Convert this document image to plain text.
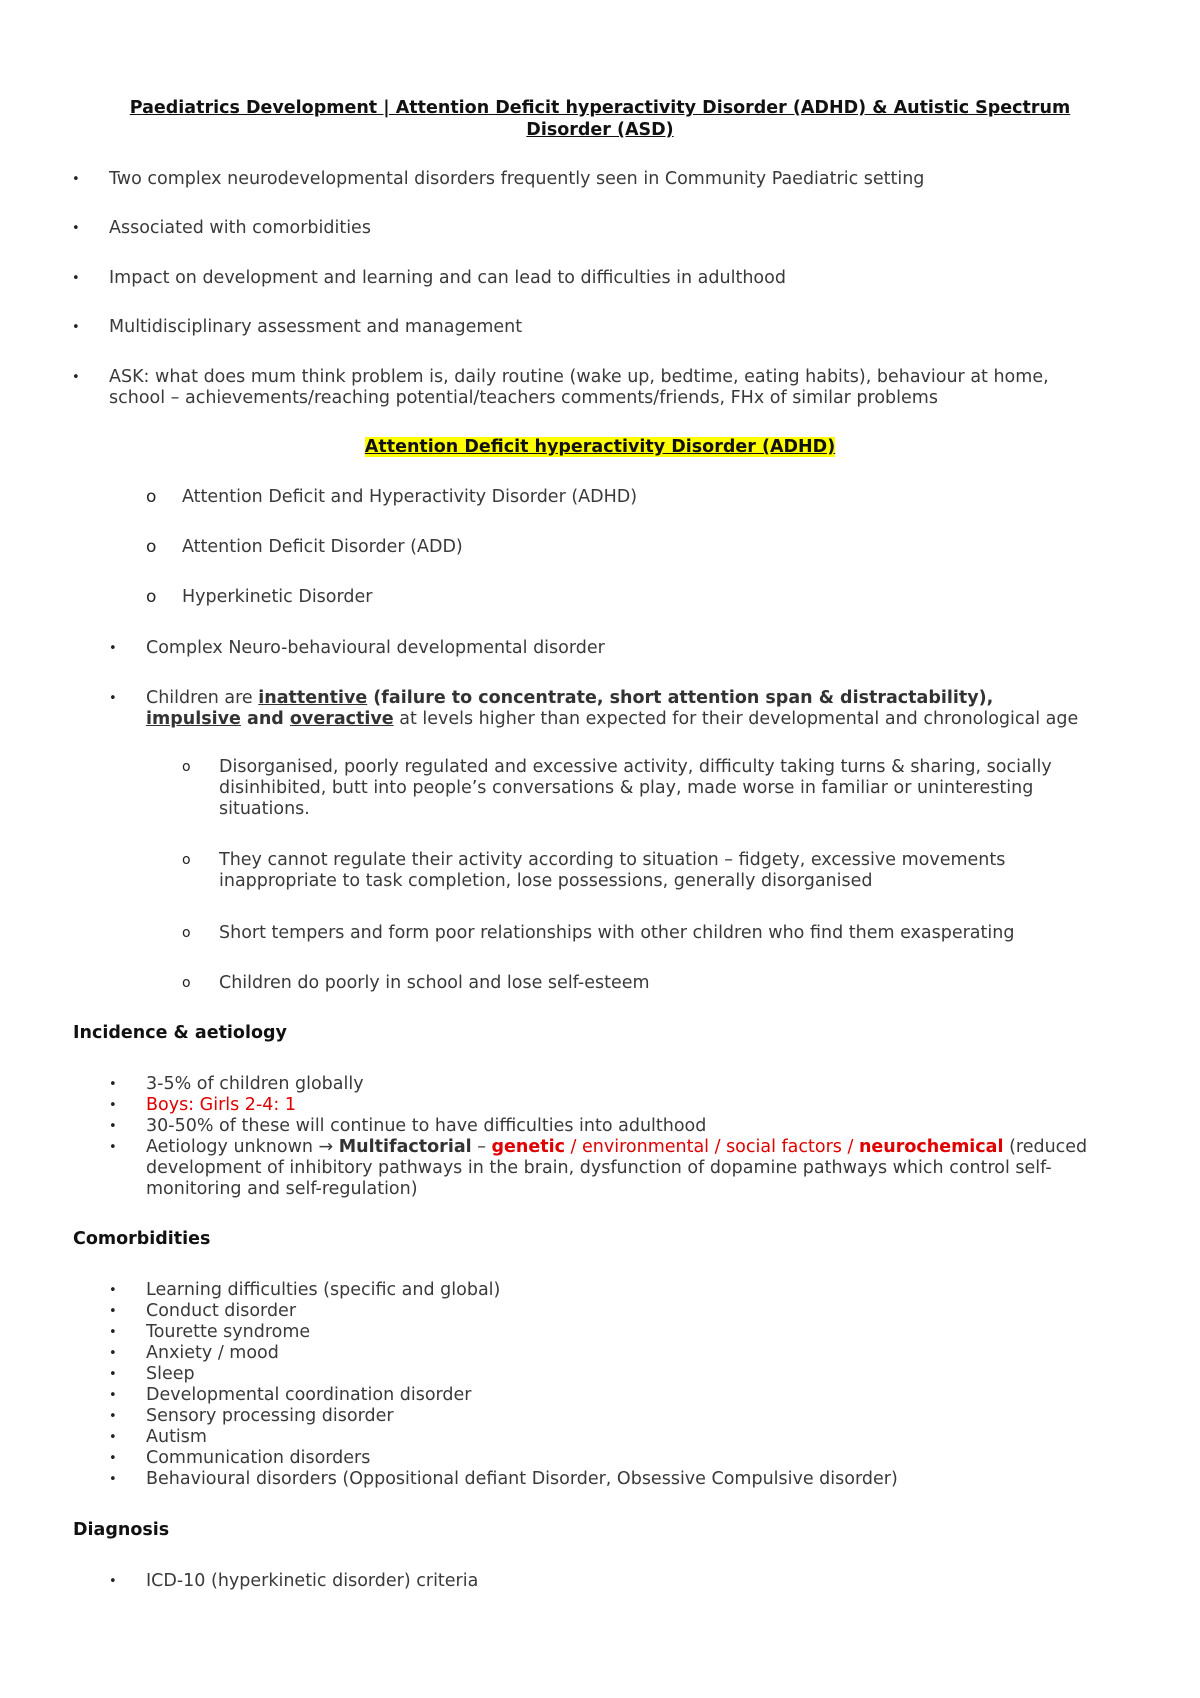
Paediatrics Development | Attention Deficit hyperactivity Disorder (ADHD) & Autistic Spectrum
Disorder (ASD)
• Two complex neurodevelopmental disorders frequently seen in Community Paediatric setting
• Associated with comorbidities
• Impact on development and learning and can lead to difficulties in adulthood
• Multidisciplinary assessment and management
• ASK: what does mum think problem is, daily routine (wake up, bedtime, eating habits), behaviour at home,
school – achievements/reaching potential/teachers comments/friends, FHx of similar problems
Attention Deficit hyperactivity Disorder (ADHD)
o Attention Deficit and Hyperactivity Disorder (ADHD)
o Attention Deficit Disorder (ADD)
o Hyperkinetic Disorder
• Complex Neuro-behavioural developmental disorder
• Children are inattentive (failure to concentrate, short attention span & distractability),
impulsive and overactive at levels higher than expected for their developmental and chronological age
o Disorganised, poorly regulated and excessive activity, difficulty taking turns & sharing, socially
disinhibited, butt into people’s conversations & play, made worse in familiar or uninteresting
situations.
o They cannot regulate their activity according to situation – fidgety, excessive movements
inappropriate to task completion, lose possessions, generally disorganised
o Short tempers and form poor relationships with other children who find them exasperating
o Children do poorly in school and lose self-esteem
Incidence & aetiology
• 3-5% of children globally
• Boys: Girls 2-4: 1
• 30-50% of these will continue to have difficulties into adulthood
• Aetiology unknown → Multifactorial – genetic / environmental / social factors / neurochemical (reduced
development of inhibitory pathways in the brain, dysfunction of dopamine pathways which control self-
monitoring and self-regulation)
Comorbidities
• Learning difficulties (specific and global)
• Conduct disorder
• Tourette syndrome
• Anxiety / mood
• Sleep
• Developmental coordination disorder
• Sensory processing disorder
• Autism
• Communication disorders
• Behavioural disorders (Oppositional defiant Disorder, Obsessive Compulsive disorder)
Diagnosis
• ICD-10 (hyperkinetic disorder) criteria
